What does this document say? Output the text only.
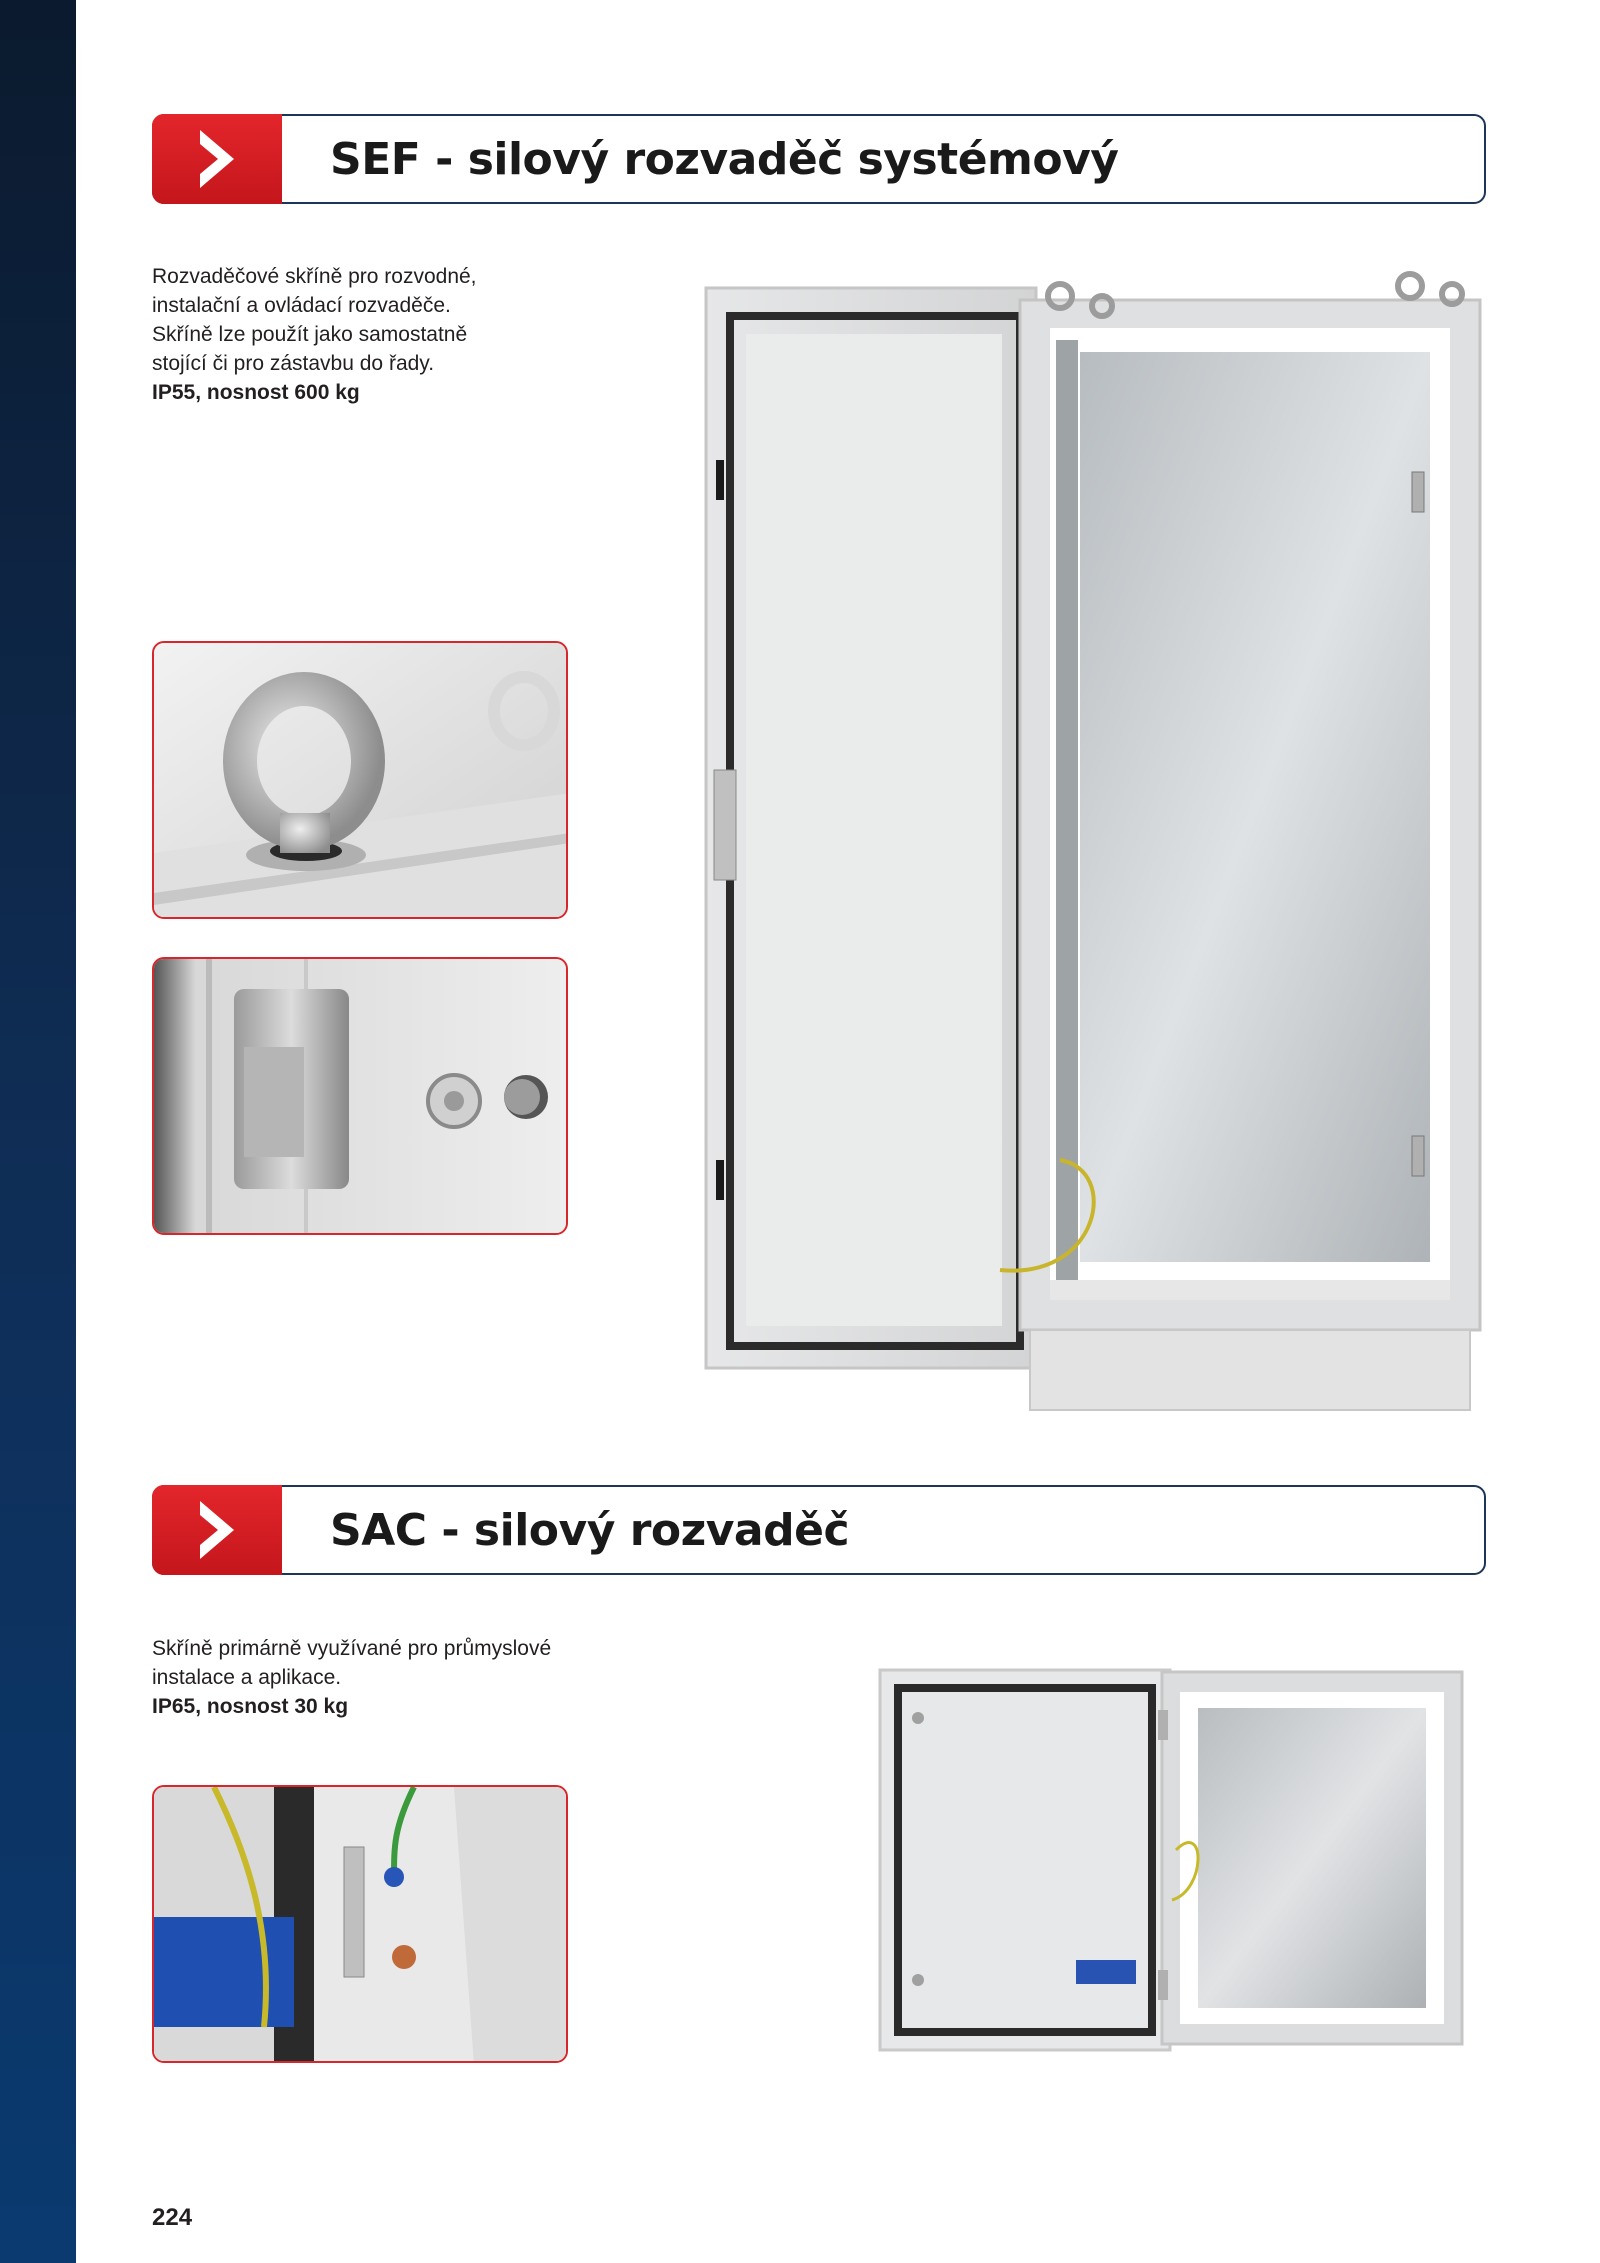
SEF - silový rozvaděč systémový

Rozvaděčové skříně pro rozvodné,

instalační a ovládací rozvaděče.

Skříně lze použít jako samostatně

stojící či pro zástavbu do řady.

IP55, nosnost 600 kg

SAC - silový rozvaděč

Skříně primárně využívané pro průmyslové

instalace a aplikace.

IP65, nosnost 30 kg

224
